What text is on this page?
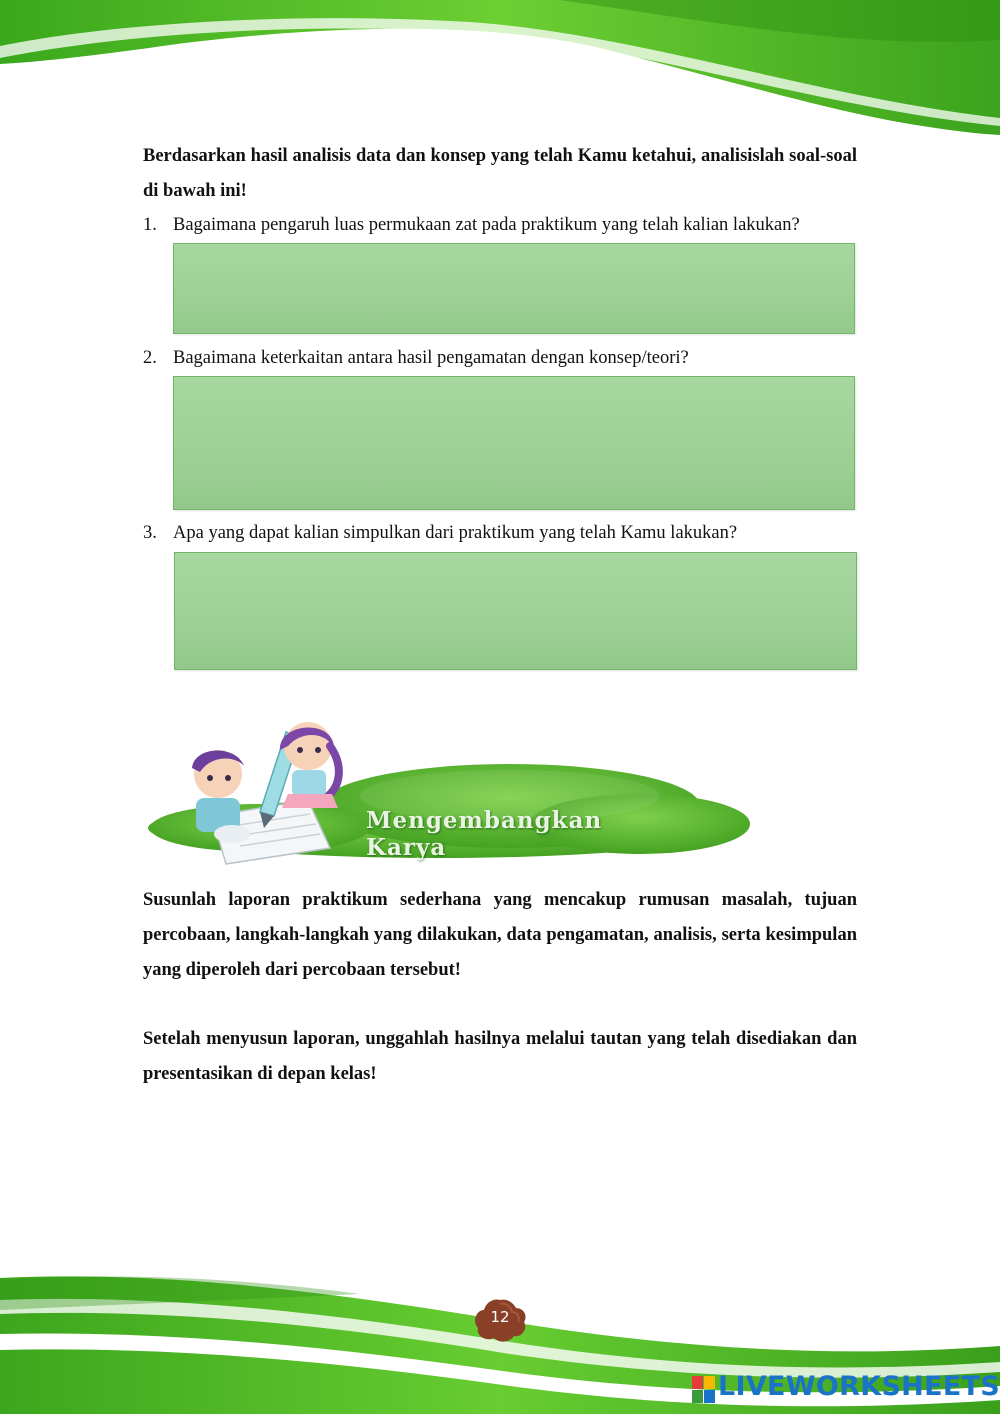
Berdasarkan hasil analisis data dan konsep yang telah Kamu ketahui, analisislah soal-soal di bawah ini!
1. Bagaimana pengaruh luas permukaan zat pada praktikum yang telah kalian lakukan?
2. Bagaimana keterkaitan antara hasil pengamatan dengan konsep/teori?
3. Apa yang dapat kalian simpulkan dari praktikum yang telah Kamu lakukan?
Mengembangkan Karya
Susunlah laporan praktikum sederhana yang mencakup rumusan masalah, tujuan percobaan, langkah-langkah yang dilakukan, data pengamatan, analisis, serta kesimpulan yang diperoleh dari percobaan tersebut!
Setelah menyusun laporan, unggahlah hasilnya melalui tautan yang telah disediakan dan presentasikan di depan kelas!
12
LIVEWORKSHEETS
